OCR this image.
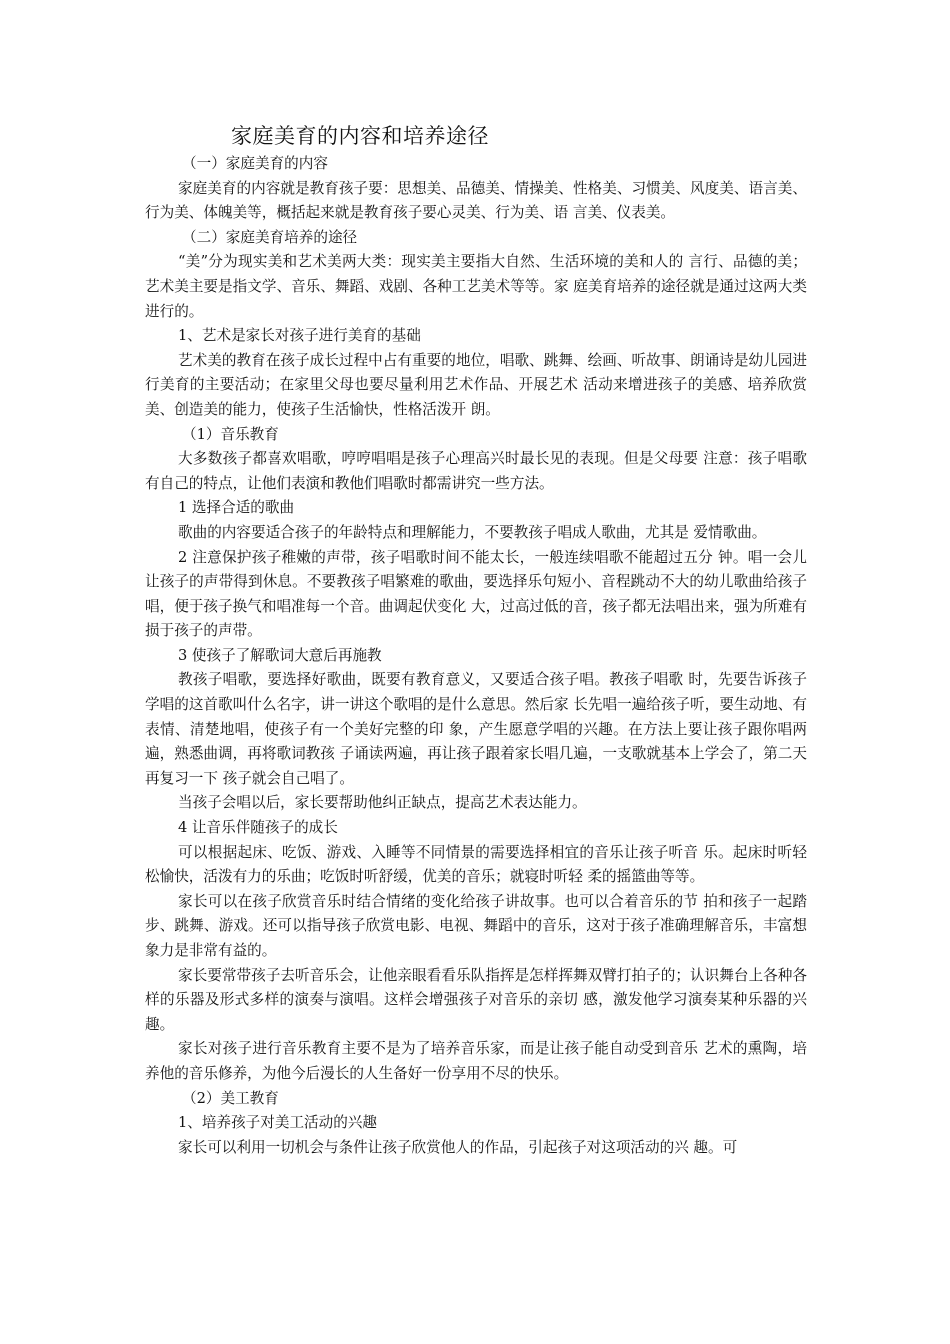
家庭美育的内容和培养途径

（一）家庭美育的内容

家庭美育的内容就是教育孩子要：思想美、品德美、情操美、性格美、习惯美、风度美、语言美、行为美、体魄美等，概括起来就是教育孩子要心灵美、行为美、语 言美、仪表美。

（二）家庭美育培养的途径

“美”分为现实美和艺术美两大类：现实美主要指大自然、生活环境的美和人的 言行、品德的美；艺术美主要是指文学、音乐、舞蹈、戏剧、各种工艺美术等等。家 庭美育培养的途径就是通过这两大类进行的。

1、艺术是家长对孩子进行美育的基础

艺术美的教育在孩子成长过程中占有重要的地位，唱歌、跳舞、绘画、听故事、朗诵诗是幼儿园进行美育的主要活动；在家里父母也要尽量利用艺术作品、开展艺术 活动来增进孩子的美感、培养欣赏美、创造美的能力，使孩子生活愉快，性格活泼开 朗。

（1）音乐教育

大多数孩子都喜欢唱歌，哼哼唱唱是孩子心理高兴时最长见的表现。但是父母要 注意：孩子唱歌有自己的特点，让他们表演和教他们唱歌时都需讲究一些方法。

1 选择合适的歌曲

歌曲的内容要适合孩子的年龄特点和理解能力，不要教孩子唱成人歌曲，尤其是 爱情歌曲。

2 注意保护孩子稚嫩的声带，孩子唱歌时间不能太长，一般连续唱歌不能超过五分 钟。唱一会儿让孩子的声带得到休息。不要教孩子唱繁难的歌曲，要选择乐句短小、音程跳动不大的幼儿歌曲给孩子唱，便于孩子换气和唱准每一个音。曲调起伏变化 大，过高过低的音，孩子都无法唱出来，强为所难有损于孩子的声带。

3 使孩子了解歌词大意后再施教

教孩子唱歌，要选择好歌曲，既要有教育意义，又要适合孩子唱。教孩子唱歌 时，先要告诉孩子学唱的这首歌叫什么名字，讲一讲这个歌唱的是什么意思。然后家 长先唱一遍给孩子听，要生动地、有表情、清楚地唱，使孩子有一个美好完整的印 象，产生愿意学唱的兴趣。在方法上要让孩子跟你唱两遍，熟悉曲调，再将歌词教孩 子诵读两遍，再让孩子跟着家长唱几遍，一支歌就基本上学会了，第二天再复习一下 孩子就会自己唱了。

当孩子会唱以后，家长要帮助他纠正缺点，提高艺术表达能力。

4 让音乐伴随孩子的成长

可以根据起床、吃饭、游戏、入睡等不同情景的需要选择相宜的音乐让孩子听音 乐。起床时听轻松愉快，活泼有力的乐曲；吃饭时听舒缓，优美的音乐；就寝时听轻 柔的摇篮曲等等。

家长可以在孩子欣赏音乐时结合情绪的变化给孩子讲故事。也可以合着音乐的节 拍和孩子一起踏步、跳舞、游戏。还可以指导孩子欣赏电影、电视、舞蹈中的音乐，这对于孩子准确理解音乐，丰富想象力是非常有益的。

家长要常带孩子去听音乐会，让他亲眼看看乐队指挥是怎样挥舞双臂打拍子的；认识舞台上各种各样的乐器及形式多样的演奏与演唱。这样会增强孩子对音乐的亲切 感，激发他学习演奏某种乐器的兴趣。

家长对孩子进行音乐教育主要不是为了培养音乐家，而是让孩子能自动受到音乐 艺术的熏陶，培养他的音乐修养，为他今后漫长的人生备好一份享用不尽的快乐。

（2）美工教育

1、培养孩子对美工活动的兴趣

家长可以利用一切机会与条件让孩子欣赏他人的作品，引起孩子对这项活动的兴 趣。可
